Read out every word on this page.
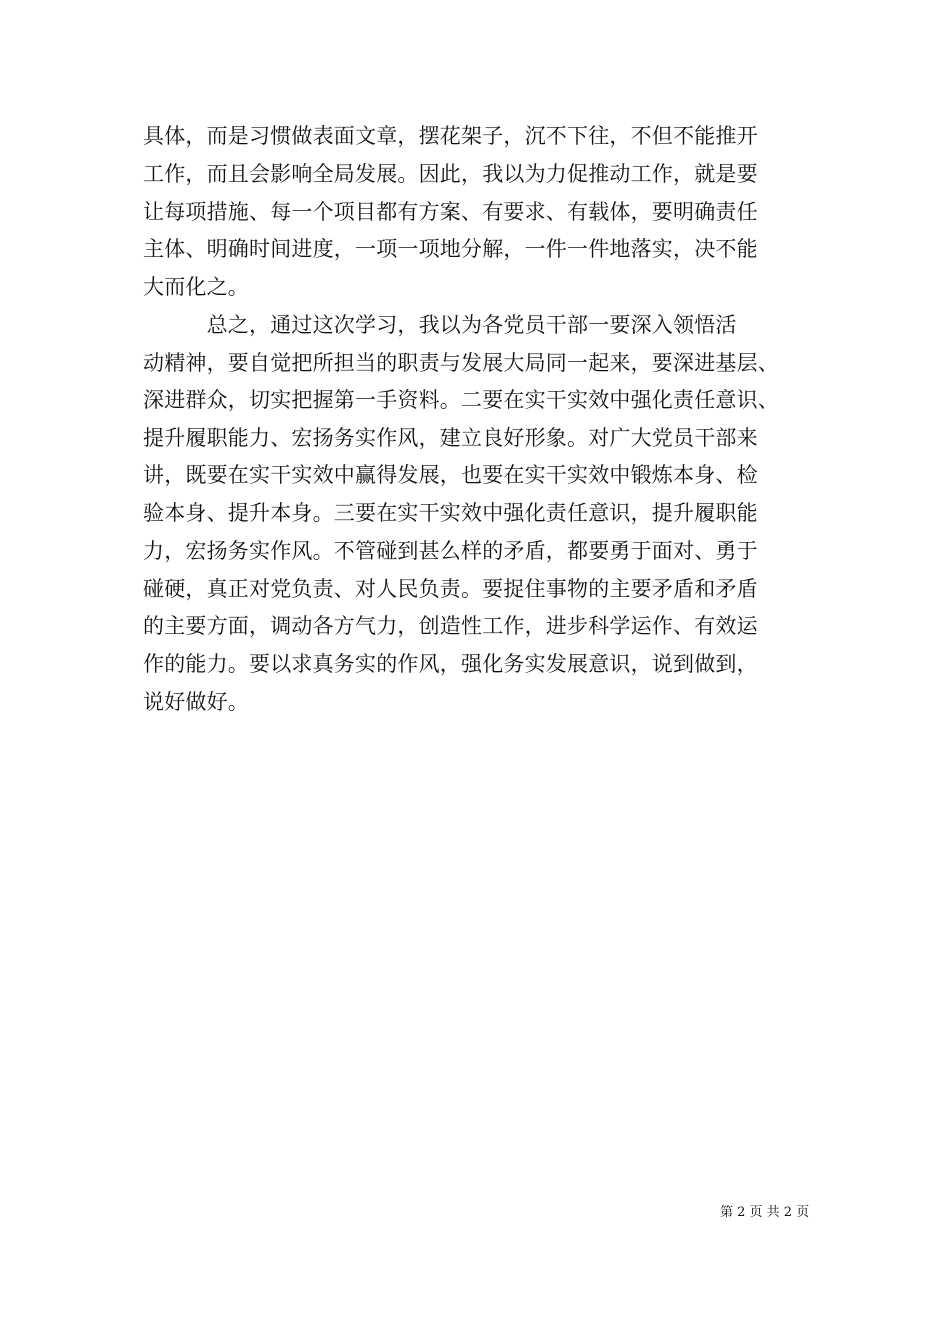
具体，而是习惯做表面文章，摆花架子，沉不下往，不但不能推开
工作，而且会影响全局发展。因此，我以为力促推动工作，就是要
让每项措施、每一个项目都有方案、有要求、有载体，要明确责任
主体、明确时间进度，一项一项地分解，一件一件地落实，决不能
大而化之。
　　　总之，通过这次学习，我以为各党员干部一要深入领悟活
动精神，要自觉把所担当的职责与发展大局同一起来，要深进基层、
深进群众，切实把握第一手资料。二要在实干实效中强化责任意识、
提升履职能力、宏扬务实作风，建立良好形象。对广大党员干部来
讲，既要在实干实效中赢得发展，也要在实干实效中锻炼本身、检
验本身、提升本身。三要在实干实效中强化责任意识，提升履职能
力，宏扬务实作风。不管碰到甚么样的矛盾，都要勇于面对、勇于
碰硬，真正对党负责、对人民负责。要捉住事物的主要矛盾和矛盾
的主要方面，调动各方气力，创造性工作，进步科学运作、有效运
作的能力。要以求真务实的作风，强化务实发展意识，说到做到，
说好做好。
第 2 页 共 2 页
